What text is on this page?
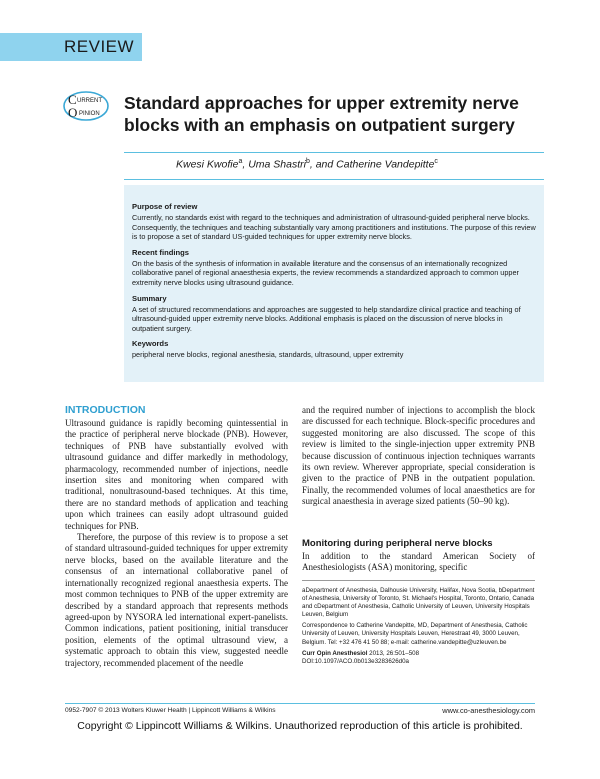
REVIEW
C URRENT
O PINION
Standard approaches for upper extremity nerve blocks with an emphasis on outpatient surgery
Kwesi Kwofie$^a$, Uma Shastri$^b$, and Catherine Vandepitte$^c$

Purpose of review

Currently, no standards exist with regard to the techniques and administration of ultrasound-guided peripheral nerve blocks. Consequently, the techniques and teaching substantially vary among practitioners and institutions. The purpose of this review is to propose a set of standard US-guided techniques for upper extremity nerve blocks.

Recent findings

On the basis of the synthesis of information in available literature and the consensus of an internationally recognized collaborative panel of regional anaesthesia experts, the review recommends a standardized approach to common upper extremity nerve blocks using ultrasound guidance.

Summary

A set of structured recommendations and approaches are suggested to help standardize clinical practice and teaching of ultrasound-guided upper extremity nerve blocks. Additional emphasis is placed on the discussion of nerve blocks in outpatient surgery.

Keywords

peripheral nerve blocks, regional anesthesia, standards, ultrasound, upper extremity

INTRODUCTION

Ultrasound guidance is rapidly becoming quintessential in the practice of peripheral nerve blockade (PNB). However, techniques of PNB have substantially evolved with ultrasound guidance and differ markedly in methodology, pharmacology, recommended number of injections, needle insertion sites and monitoring when compared with traditional, nonultrasound-based techniques. At this time, there are no standard methods of application and teaching upon which trainees can easily adopt ultrasound guided techniques for PNB.

Therefore, the purpose of this review is to propose a set of standard ultrasound-guided techniques for upper extremity nerve blocks, based on the available literature and the consensus of an international collaborative panel of internationally recognized regional anaesthesia experts. The most common techniques to PNB of the upper extremity are described by a standard approach that represents methods agreed-upon by NYSORA led international expert-panelists. Common indications, patient positioning, initial transducer position, elements of the optimal ultrasound view, a systematic approach to obtain this view, suggested needle trajectory, recommended placement of the needle

and the required number of injections to accomplish the block are discussed for each technique. Block-specific procedures and suggested monitoring are also discussed. The scope of this review is limited to the single-injection upper extremity PNB because discussion of continuous injection techniques warrants its own review. Wherever appropriate, special consideration is given to the practice of PNB in the outpatient population. Finally, the recommended volumes of local anaesthetics are for surgical anaesthesia in average sized patients (50–90 kg).

Monitoring during peripheral nerve blocks

In addition to the standard American Society of Anesthesiologists (ASA) monitoring, specific

aDepartment of Anesthesia, Dalhousie University, Halifax, Nova Scotia, bDepartment of Anesthesia, University of Toronto, St. Michael's Hospital, Toronto, Ontario, Canada and cDepartment of Anesthesia, Catholic University of Leuven, University Hospitals Leuven, Belgium

Correspondence to Catherine Vandepitte, MD, Department of Anesthesia, Catholic University of Leuven, University Hospitals Leuven, Herestraat 49, 3000 Leuven, Belgium. Tel: +32 476 41 50 88; e-mail: catherine.vandepitte@uzleuven.be

Curr Opin Anesthesiol 2013, 26:501–508

DOI:10.1097/ACO.0b013e3283626d0a

0952-7907 © 2013 Wolters Kluwer Health | Lippincott Williams & Wilkins	www.co-anesthesiology.com
Copyright © Lippincott Williams & Wilkins. Unauthorized reproduction of this article is prohibited.
